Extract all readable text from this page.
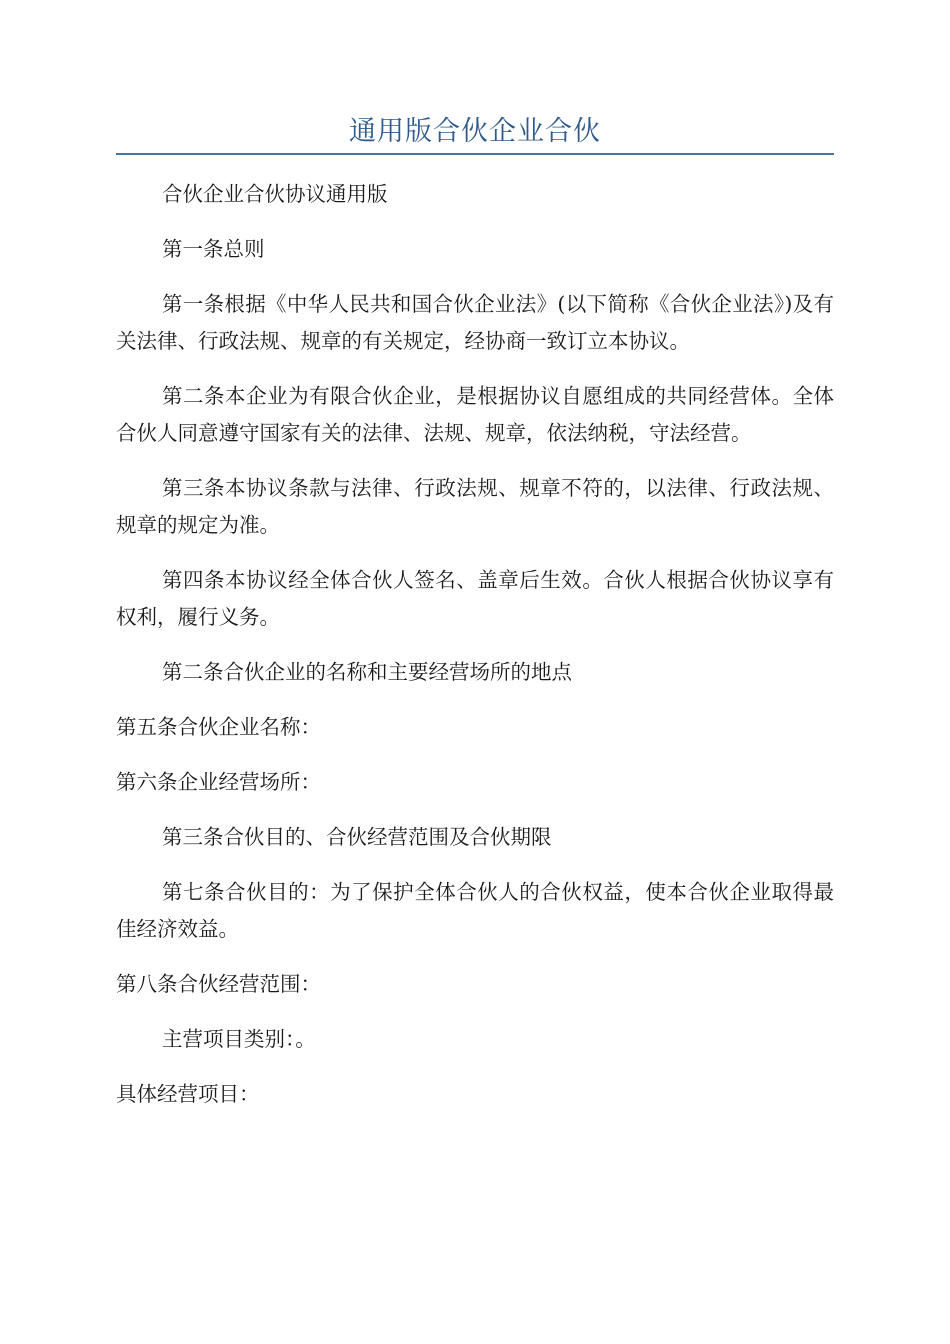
通用版合伙企业合伙

合伙企业合伙协议通用版

第一条总则

第一条根据《中华人民共和国合伙企业法》(以下简称《合伙企业法》)及有关法律、行政法规、规章的有关规定，经协商一致订立本协议。

第二条本企业为有限合伙企业，是根据协议自愿组成的共同经营体。全体合伙人同意遵守国家有关的法律、法规、规章，依法纳税，守法经营。

第三条本协议条款与法律、行政法规、规章不符的，以法律、行政法规、规章的规定为准。

第四条本协议经全体合伙人签名、盖章后生效。合伙人根据合伙协议享有权利，履行义务。

第二条合伙企业的名称和主要经营场所的地点

第五条合伙企业名称：

第六条企业经营场所：

第三条合伙目的、合伙经营范围及合伙期限

第七条合伙目的：为了保护全体合伙人的合伙权益，使本合伙企业取得最佳经济效益。

第八条合伙经营范围：

主营项目类别：。

具体经营项目：
